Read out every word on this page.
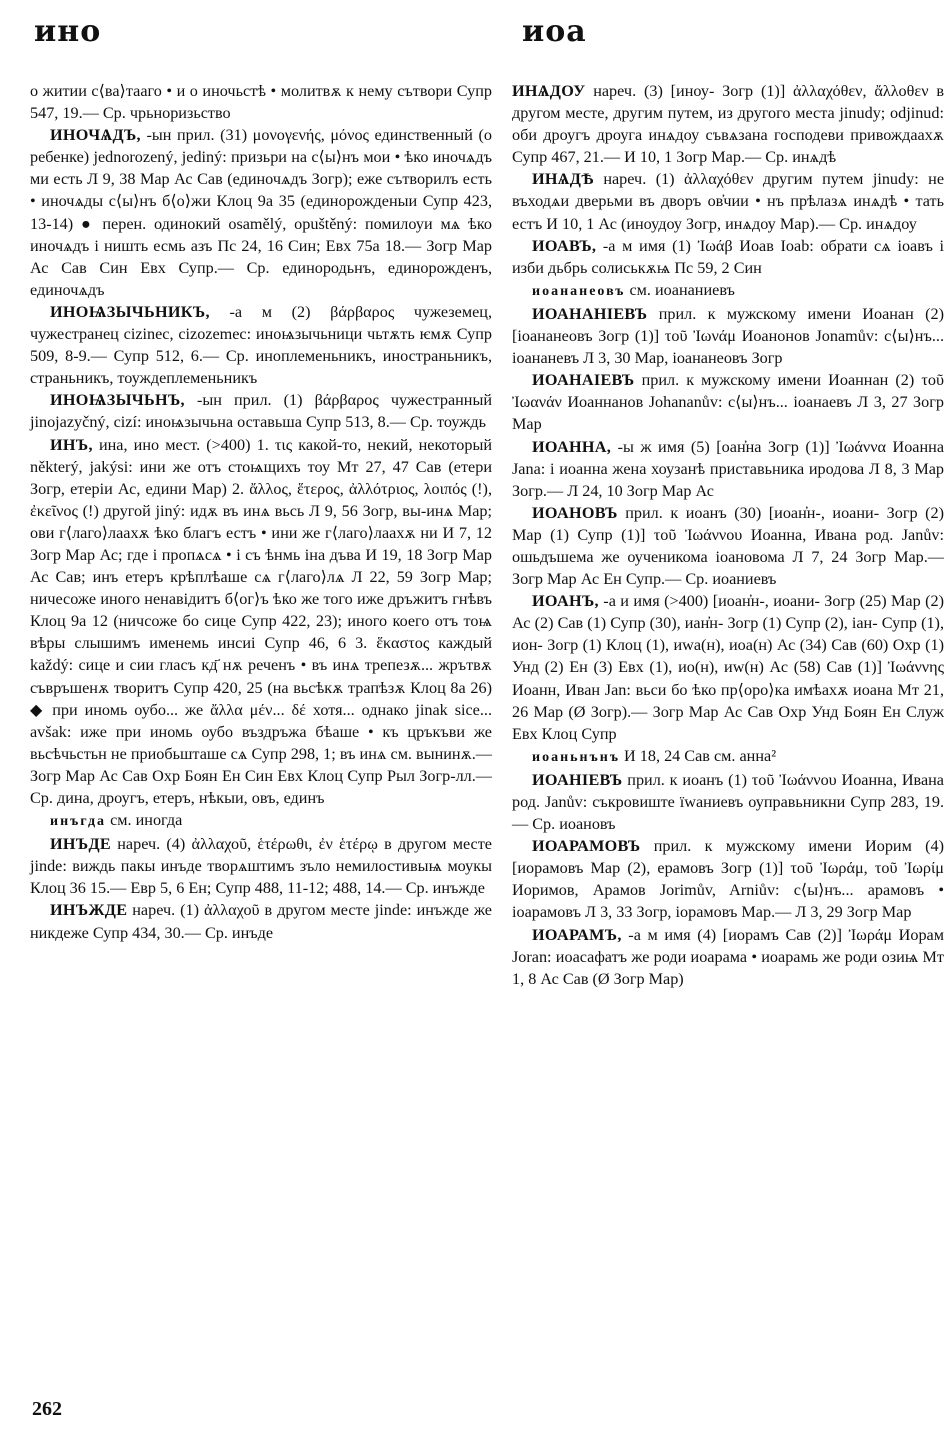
ино	иоа

о житии с⟨ва⟩тааго • и о иночьстѣ • молитвѫ к нему сътвори Супр 547, 19.— Ср. чрьноризьство

ИНОЧѦДЪ, -ын прил. (31) μονογενής, μόνος единственный (о ребенке) jednorozený, jediný: призьри на с⟨ы⟩нъ мои • ѣко иночѧдъ ми есть Л 9, 38 Мар Ас Сав (единочѧдъ Зогр); еже сътворилъ есть • иночѧды с⟨ы⟩нъ б⟨о⟩жи Клоц 9а 35 (единорожденыи Супр 423, 13-14) ● перен. одинокий osamělý, opuštěný: помилоуи мѧ ѣко иночѧдъ і ништь есмь азъ Пс 24, 16 Син; Евх 75а 18.— Зогр Мар Ас Сав Син Евх Супр.— Ср. единородьнъ, единорожденъ, единочѧдъ

ИНОѨЗЫЧЬНИКЪ, -а м (2) βάρβαρος чужеземец, чужестранец cizinec, cizozemec: иноѩзычьници чьтѫть ѥмѫ Супр 509, 8-9.— Супр 512, 6.— Ср. иноплеменьникъ, иностраньникъ, страньникъ, тоуждеплеменьникъ

ИНОѨЗЫЧЬНЪ, -ын прил. (1) βάρβαρος чужестранный jinojazyčný, cizí: иноѩзычьна оставьша Супр 513, 8.— Ср. тоуждь

ИНЪ, ина, ино мест. (>400) 1. τις какой-то, некий, некоторый některý, jakýsi: ини же отъ стоѩщихъ тоу Мт 27, 47 Сав (етери Зогр, етеріи Ас, едини Мар) 2. ἄλλος, ἕτερος, ἀλλότριος, λοιπός (!), ἐκεῖνος (!) другой jiný: идѫ въ инѧ вьсь Л 9, 56 Зогр, вы-инѧ Мар; ови г⟨лаго⟩лаахѫ ѣко благъ естъ • ини же г⟨лаго⟩лаахѫ ни И 7, 12 Зогр Мар Ас; где і пропѧсѧ • і съ ѣнмь іна дъва И 19, 18 Зогр Мар Ас Сав; инъ етеръ крѣплѣаше сѧ г⟨лаго⟩лѧ Л 22, 59 Зогр Мар; ничесоже иного ненавідитъ б⟨ог⟩ъ ѣко же того иже дръжитъ гнѣвъ Клоц 9а 12 (ничсоже бо сице Супр 422, 23); иного коего отъ тоѩ вѣры слышимъ именемь инсиі Супр 46, 6 3. ἕκαστος каждый každý: сице и сии гласъ кд҃ нѫ реченъ • въ инѧ трепезѫ... жрътвѫ съвръшенѫ творитъ Супр 420, 25 (на вьсѣкѫ трапѣзѫ Клоц 8а 26) ◆ при иномь оубо... же ἄλλα μέν... δέ хотя... однако jinak sice... avšak: иже при иномь оубо въздръжа бѣаше • къ цръкъви же вьсѣчьстьн не приобьшташе сѧ Супр 298, 1; въ инѧ см. вынинѫ.— Зогр Мар Ас Сав Охр Боян Ен Син Евх Клоц Супр Рыл Зогр-лл.— Ср. дина, дроугъ, етеръ, нѣкыи, овъ, единъ

инъгда см. иногда

ИНЪДЕ нареч. (4) ἀλλαχοῦ, ἑτέρωθι, ἐν ἑτέρῳ в другом месте jinde: виждь пакы инъде творѧштимъ зъло немилостивыѩ моукы Клоц 36 15.— Евр 5, 6 Ен; Супр 488, 11-12; 488, 14.— Ср. инъжде

ИНЪЖДЕ нареч. (1) ἀλλαχοῦ в другом месте jinde: инъжде же никдеже Супр 434, 30.— Ср. инъде

ИНѦДОУ нареч. (3) [иноу- Зогр (1)] ἀλλαχόθεν, ἄλλοθεν в другом месте, другим путем, из другого места jinudy; odjinud: оби дроугъ дроуга инѧдоу съвѧзана господеви привождаахѫ Супр 467, 21.— И 10, 1 Зогр Мар.— Ср. инѧдѣ

ИНѦДѢ нареч. (1) ἀλλαχόθεν другим путем jinudy: не въходѧи дверьми въ дворъ ов҆чии • нъ прѣлазѧ инѧдѣ • тать естъ И 10, 1 Ас (иноудоу Зогр, инѧдоу Мар).— Ср. инѧдоу

ИОАВЪ, -а м имя (1) Ἰωάβ Иоав Ioab: обрати сѧ іоавъ і изби дьбрь солиськѫѩ Пс 59, 2 Син

иоананеовъ см. иоананиевъ

ИОАНАНІЕВЪ прил. к мужскому имени Иоанан (2) [іоананеовъ Зогр (1)] τοῦ Ἰωνάμ Иоанонов Jonamův: с⟨ы⟩нъ... іоананевъ Л 3, 30 Мар, іоананеовъ Зогр

ИОАНАІЕВЪ прил. к мужскому имени Иоаннан (2) τοῦ Ἰωανάν Иоаннанов Johananův: с⟨ы⟩нъ... іоанаевъ Л 3, 27 Зогр Мар

ИОАННА, -ы ж имя (5) [оан҆на Зогр (1)] Ἰωάννα Иоанна Jana: і иоанна жена хоузанѣ приставьника иродова Л 8, 3 Мар Зогр.— Л 24, 10 Зогр Мар Ас

ИОАНОВЪ прил. к иоанъ (30) [иоан҆н-, иоани- Зогр (2) Мар (1) Супр (1)] τοῦ Ἰωάννου Иоанна, Ивана род. Janův: ошьдъшема же оученикома іоановома Л 7, 24 Зогр Мар.— Зогр Мар Ас Ен Супр.— Ср. иоаниевъ

ИОАНЪ, -а и имя (>400) [иоан҆н-, иоани- Зогр (25) Мар (2) Ас (2) Сав (1) Супр (30), иан҆н- Зогр (1) Супр (2), іан- Супр (1), ион- Зогр (1) Клоц (1), иwа(н), иоа(н) Ас (34) Сав (60) Охр (1) Унд (2) Ен (3) Евх (1), ио(н), иw(н) Ас (58) Сав (1)] Ἰωάννης Иоанн, Иван Jan: вьси бо ѣко пр⟨оро⟩ка имѣахѫ иоана Мт 21, 26 Мар (Ø Зогр).— Зогр Мар Ас Сав Охр Унд Боян Ен Служ Евх Клоц Супр

иоаньнънъ И 18, 24 Сав см. анна²

ИОАНІЕВЪ прил. к иоанъ (1) τοῦ Ἰωάννου Иоанна, Ивана род. Janův: съкровиште їwаниевъ оуправьникни Супр 283, 19.— Ср. иоановъ

ИОАРАМОВЪ прил. к мужскому имени Иорим (4) [иорамовъ Мар (2), ерамовъ Зогр (1)] τοῦ Ἰωράμ, τοῦ Ἰωρίμ Иоримов, Арамов Jorimův, Arniův: с⟨ы⟩нъ... арамовъ • іоарамовъ Л 3, 33 Зогр, іорамовъ Мар.— Л 3, 29 Зогр Мар

ИОАРАМЪ, -а м имя (4) [иорамъ Сав (2)] Ἰωράμ Иорам Joran: иоасафатъ же роди иоарама • иоарамь же роди озиѩ Мт 1, 8 Ас Сав (Ø Зогр Мар)

262
